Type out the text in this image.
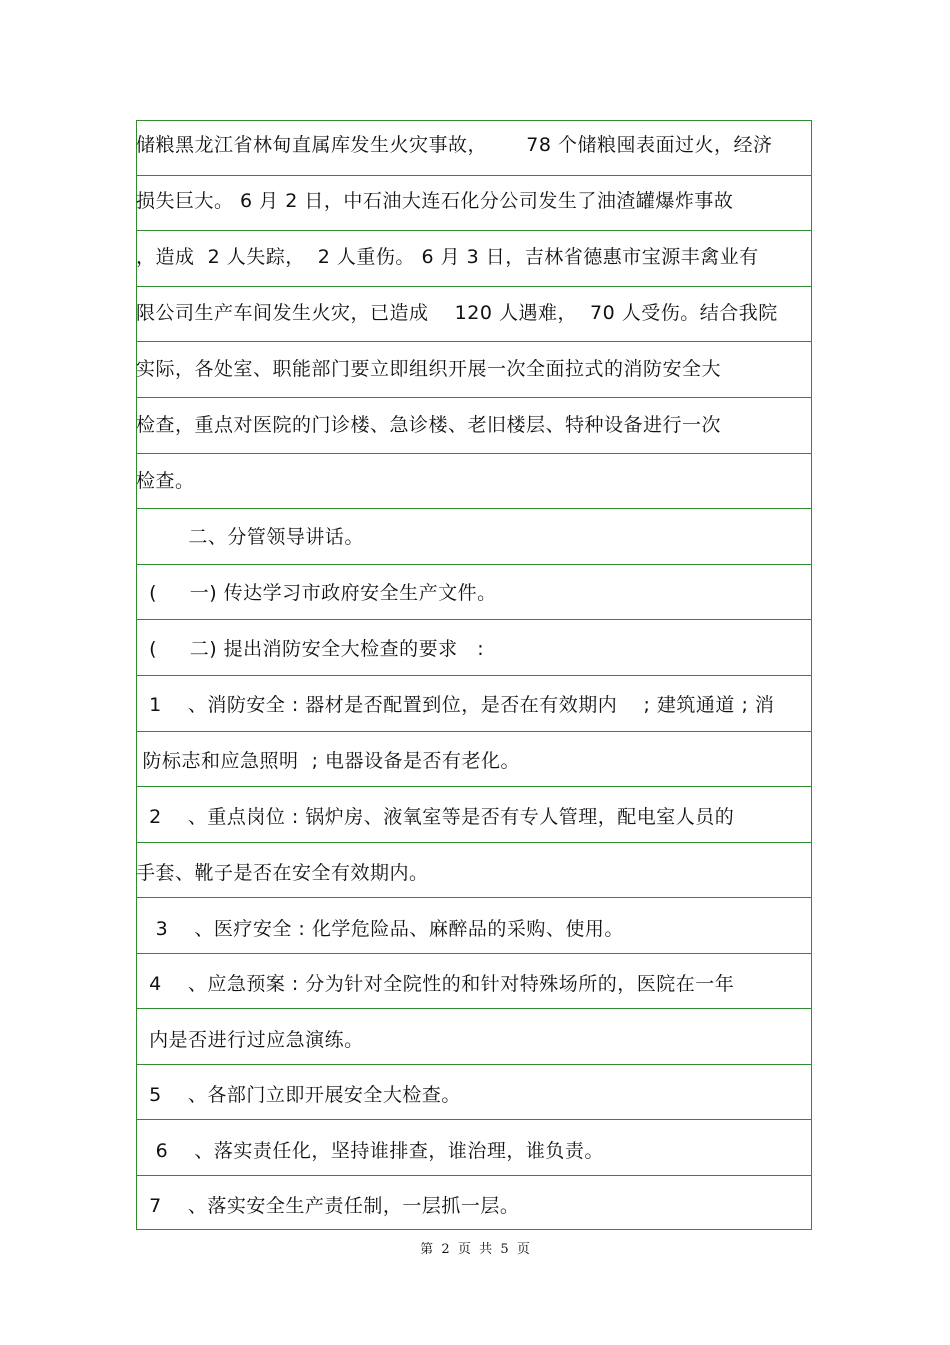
储粮黑龙江省林甸直属库发生火灾事故，      78 个储粮囤表面过火，经济
损失巨大。 6 月 2 日，中石油大连石化分公司发生了油渣罐爆炸事故
，造成  2 人失踪，  2 人重伤。 6 月 3 日，吉林省德惠市宝源丰禽业有
限公司生产车间发生火灾，已造成    120 人遇难，  70 人受伤。结合我院
实际，各处室、职能部门要立即组织开展一次全面拉式的消防安全大
检查，重点对医院的门诊楼、急诊楼、老旧楼层、特种设备进行一次
检查。
二、分管领导讲话。
(     一) 传达学习市政府安全生产文件。
(     二) 提出消防安全大检查的要求   :
1    、消防安全 : 器材是否配置到位，是否在有效期内    ; 建筑通道 ; 消
防标志和应急照明  ; 电器设备是否有老化。
2    、重点岗位 : 锅炉房、液氧室等是否有专人管理，配电室人员的
手套、靴子是否在安全有效期内。
3    、医疗安全 : 化学危险品、麻醉品的采购、使用。
4    、应急预案 : 分为针对全院性的和针对特殊场所的，医院在一年
内是否进行过应急演练。
5    、各部门立即开展安全大检查。
6    、落实责任化，坚持谁排查，谁治理，谁负责。
7    、落实安全生产责任制，一层抓一层。
第  2  页  共  5  页
